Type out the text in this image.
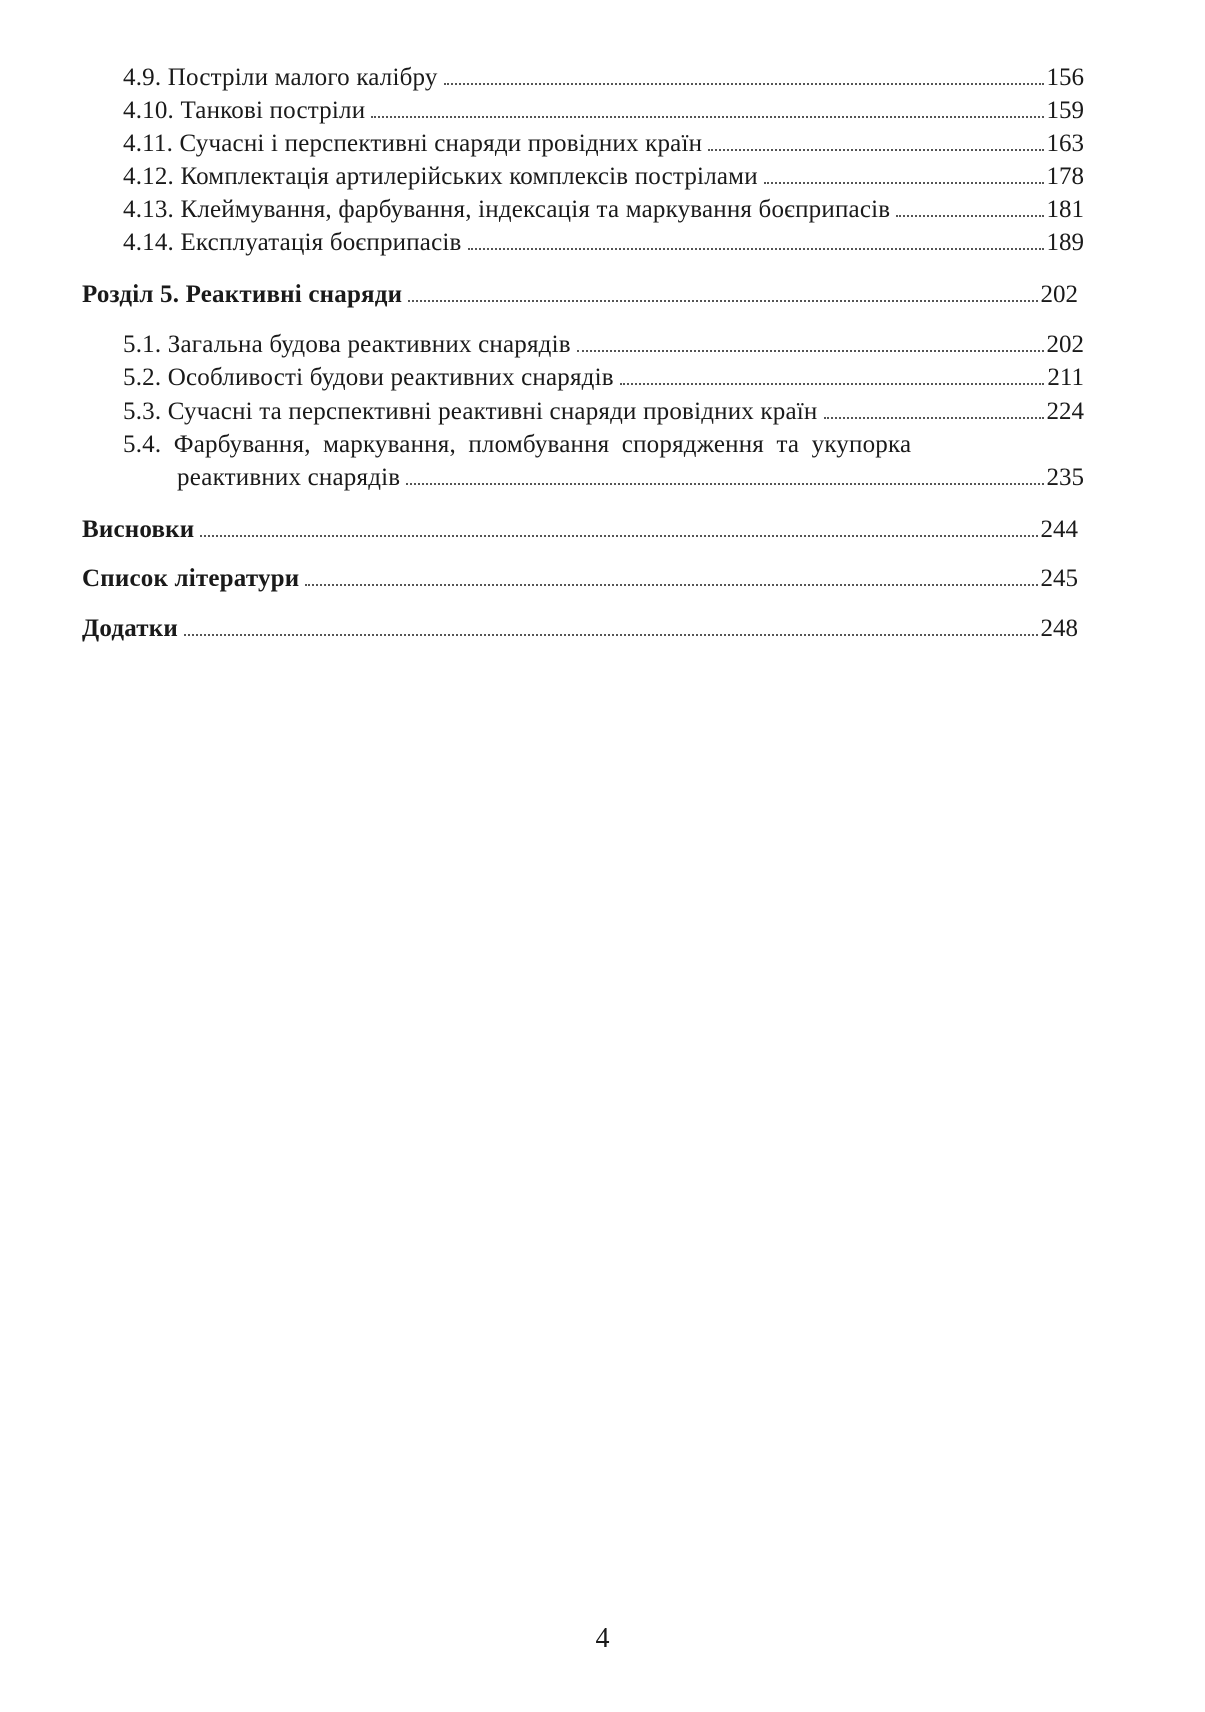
4.9. Постріли малого калібру	156
4.10. Танкові постріли	159
4.11. Сучасні і перспективні снаряди провідних країн	163
4.12. Комплектація артилерійських комплексів пострілами	178
4.13. Клеймування, фарбування, індексація та маркування боєприпасів	181
4.14. Експлуатація боєприпасів	189
Розділ 5. Реактивні снаряди	202
5.1. Загальна будова реактивних снарядів	202
5.2. Особливості будови реактивних снарядів	211
5.3. Сучасні та перспективні реактивні снаряди провідних країн	224
5.4. Фарбування, маркування, пломбування спорядження та укупорка
реактивних снарядів	235
Висновки	244
Список літератури	245
Додатки	248
4
